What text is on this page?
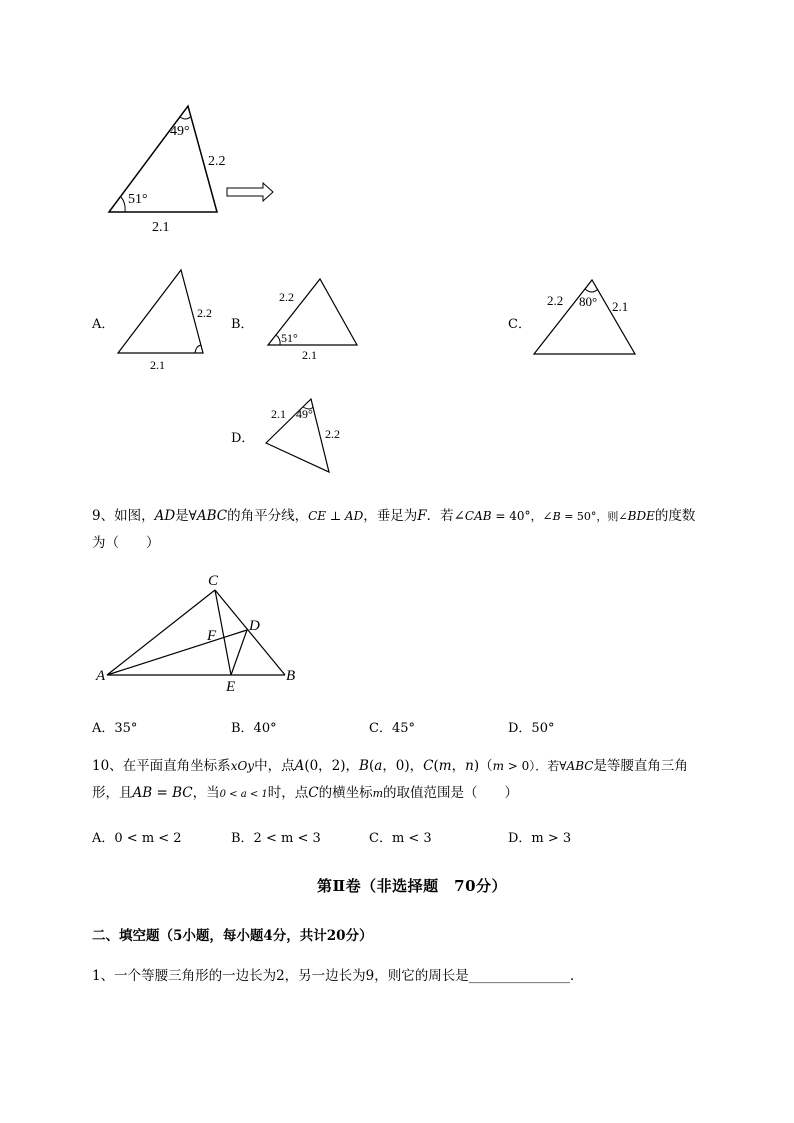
49°
51°
2.2
2.1
A．
2.2
2.1
B．
2.2
51°
2.1
C．
2.2 80° 2.1
D．
2.1 49°
2.2
9、如图，AD是∀ABC的角平分线，CE ⊥ AD，垂足为F．若∠CAB = 40°，∠B = 50°，则∠BDE的度数
为（　　）
C
D
F
A
E
B
A．35°	B．40°	C．45°	D．50°
10、在平面直角坐标系xOy中，点A(0，2)，B(a，0)，C(m，n)（m > 0）．若∀ABC是等腰直角三角
形，且AB = BC，当0 < a < 1时，点C的横坐标m的取值范围是（　　）
A．0 < m < 2	B．2 < m < 3	C．m < 3	D．m > 3
第Ⅱ卷（非选择题　70分）
二、填空题（5小题，每小题4分，共计20分）
1、一个等腰三角形的一边长为2，另一边长为9，则它的周长是_______________．
